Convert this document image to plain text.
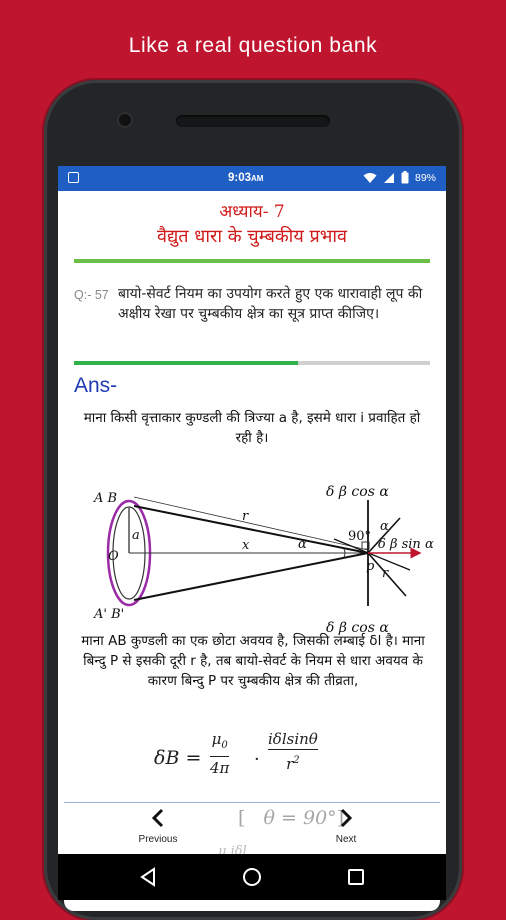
Like a real question bank
9:03AM	89%
अध्याय- 7
वैद्युत धारा के चुम्बकीय प्रभाव
Q:- 57 बायो-सेवर्ट नियम का उपयोग करते हुए एक धारावाही लूप की अक्षीय रेखा पर चुम्बकीय क्षेत्र का सूत्र प्राप्त कीजिए।
Ans-
माना किसी वृत्ताकार कुण्डली की त्रिज्या a है, इसमे धारा i प्रवाहित हो रही है।
A B
A' B'
O
a
r
x	α
α
90°
p r
δ β cos α
δ β sin α
δ β cos α
माना AB कुण्डली का एक छोटा अवयव है, जिसकी लम्बाई δl है। माना बिन्दु P से इसकी दूरी r है, तब बायो-सेवर्ट के नियम से धारा अवयव के कारण बिन्दु P पर चुम्बकीय क्षेत्र की तीव्रता,
δB =
$\mu_0$
4π ·
iδlsinθ
$r^2$

Previous	Next
